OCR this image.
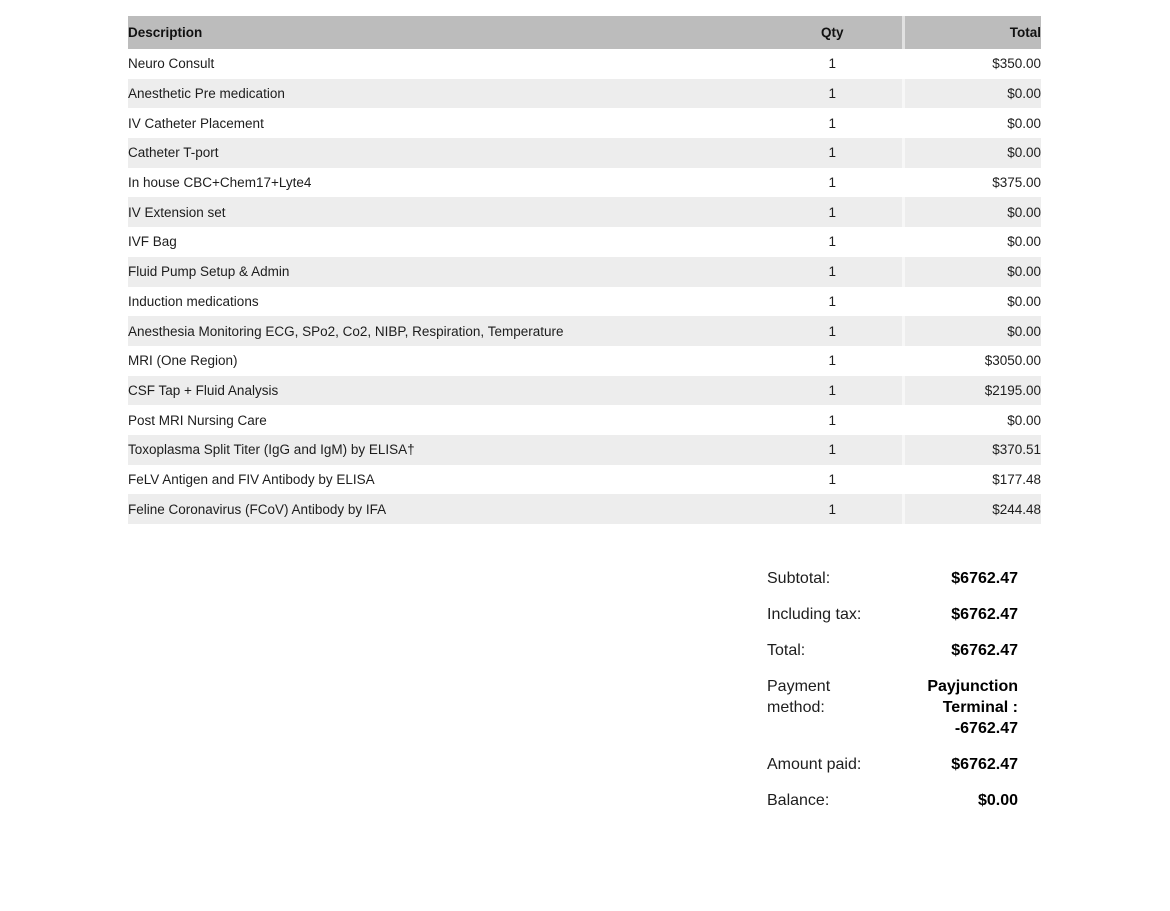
Description	Qty	Total
Neuro Consult	1	$350.00
Anesthetic Pre medication	1	$0.00
IV Catheter Placement	1	$0.00
Catheter T-port	1	$0.00
In house CBC+Chem17+Lyte4	1	$375.00
IV Extension set	1	$0.00
IVF Bag	1	$0.00
Fluid Pump Setup & Admin	1	$0.00
Induction medications	1	$0.00
Anesthesia Monitoring ECG, SPo2, Co2, NIBP, Respiration, Temperature	1	$0.00
MRI (One Region)	1	$3050.00
CSF Tap + Fluid Analysis	1	$2195.00
Post MRI Nursing Care	1	$0.00
Toxoplasma Split Titer (IgG and IgM) by ELISA†	1	$370.51
FeLV Antigen and FIV Antibody by ELISA	1	$177.48
Feline Coronavirus (FCoV) Antibody by IFA	1	$244.48
Subtotal:	$6762.47
Including tax:	$6762.47
Total:	$6762.47
Payment method:
Payjunction Terminal : -6762.47
Amount paid:	$6762.47
Balance:	$0.00
